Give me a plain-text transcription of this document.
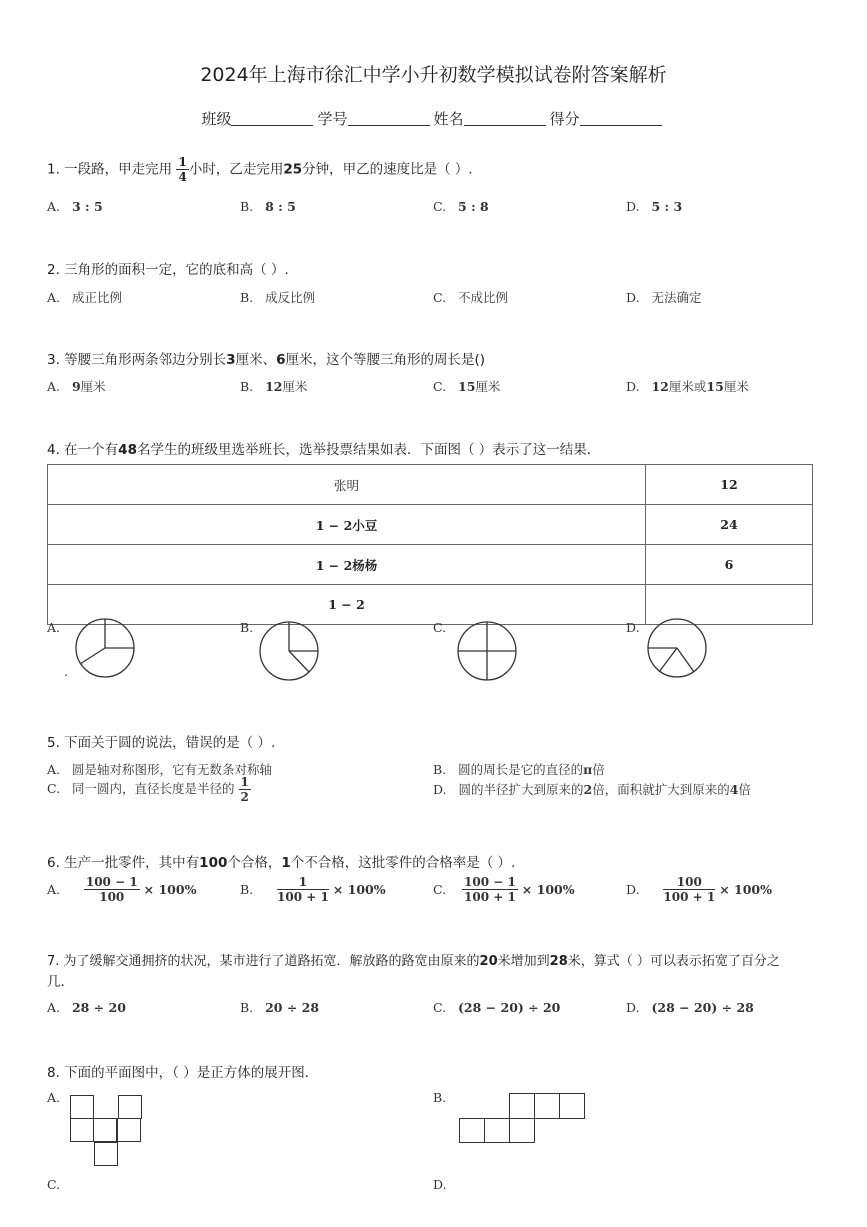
2024年上海市徐汇中学小升初数学模拟试卷附答案解析
班级	学号	姓名	得分
1. 一段路，甲走完用 $\frac{1}{4}$ 小时，乙走完用25分钟，甲乙的速度比是（ ）.
A. 3 : 5	B. 8 : 5	C. 5 : 8	D. 5 : 3
2. 三角形的面积一定，它的底和高（ ）.
A. 成正比例	B. 成反比例	C. 不成比例	D. 无法确定
3. 等腰三角形两条邻边分别长3厘米、6厘米，这个等腰三角形的周长是()
A. 9厘米	B. 12厘米	C. 15厘米	D. 12厘米或15厘米
4. 在一个有48名学生的班级里选举班长，选举投票结果如表．下面图（ ）表示了这一结果．
张明	12
1 − 2小豆	24
1 − 2杨杨	6
1 − 2	
A.
.
B.	C.	D.
5. 下面关于圆的说法，错误的是（ ）.
A. 圆是轴对称图形，它有无数条对称轴	B. 圆的周长是它的直径的π倍
C. 同一圆内，直径长度是半径的 $\frac{1}{2}$	D. 圆的半径扩大到原来的2倍，面积就扩大到原来的4倍
6. 生产一批零件，其中有100个合格，1个不合格，这批零件的合格率是（ ）.
A. $\frac{100 - 1}{100} \times 100\%$	B. $\frac{1}{100 + 1} \times 100\%$	C. $\frac{100 - 1}{100 + 1} \times 100\%$	D. $\frac{100}{100 + 1} \times 100\%$
7. 为了缓解交通拥挤的状况，某市进行了道路拓宽．解放路的路宽由原来的20米增加到28米，算式（ ）可以表示拓宽了百分之
几．
A. 28 ÷ 20	B. 20 ÷ 28	C. (28 − 20) ÷ 20	D. (28 − 20) ÷ 28
8. 下面的平面图中，（ ）是正方体的展开图．
A.	B.
C.	D.
